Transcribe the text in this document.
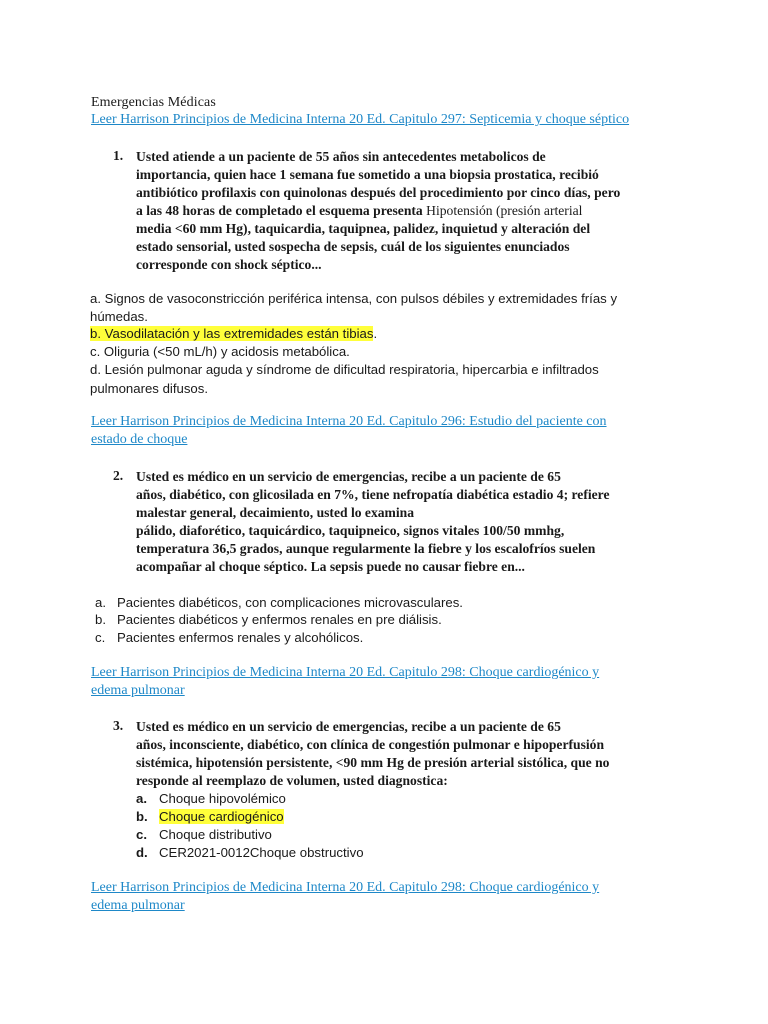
Emergencias Médicas
Leer Harrison Principios de Medicina Interna 20 Ed. Capitulo 297: Septicemia y choque séptico
1. Usted atiende a un paciente de 55 años sin antecedentes metabolicos de
importancia, quien hace 1 semana fue sometido a una biopsia prostatica, recibió
antibiótico profilaxis con quinolonas después del procedimiento por cinco días, pero
a las 48 horas de completado el esquema presenta Hipotensión (presión arterial
media <60 mm Hg), taquicardia, taquipnea, palidez, inquietud y alteración del
estado sensorial, usted sospecha de sepsis, cuál de los siguientes enunciados
corresponde con shock séptico...
a. Signos de vasoconstricción periférica intensa, con pulsos débiles y extremidades frías y
húmedas.
b. Vasodilatación y las extremidades están tibias.
c. Oliguria (<50 mL/h) y acidosis metabólica.
d. Lesión pulmonar aguda y síndrome de dificultad respiratoria, hipercarbia e infiltrados
pulmonares difusos.
Leer Harrison Principios de Medicina Interna 20 Ed. Capitulo 296: Estudio del paciente con
estado de choque
2. Usted es médico en un servicio de emergencias, recibe a un paciente de 65
años, diabético, con glicosilada en 7%, tiene nefropatía diabética estadio 4; refiere
malestar general, decaimiento, usted lo examina
pálido, diaforético, taquicárdico, taquipneico, signos vitales 100/50 mmhg,
temperatura 36,5 grados, aunque regularmente la fiebre y los escalofríos suelen
acompañar al choque séptico. La sepsis puede no causar fiebre en...
a. Pacientes diabéticos, con complicaciones microvasculares.
b. Pacientes diabéticos y enfermos renales en pre diálisis.
c. Pacientes enfermos renales y alcohólicos.
Leer Harrison Principios de Medicina Interna 20 Ed. Capitulo 298: Choque cardiogénico y
edema pulmonar
3. Usted es médico en un servicio de emergencias, recibe a un paciente de 65
años, inconsciente, diabético, con clínica de congestión pulmonar e hipoperfusión
sistémica, hipotensión persistente, <90 mm Hg de presión arterial sistólica, que no
responde al reemplazo de volumen, usted diagnostica:
a. Choque hipovolémico
b. Choque cardiogénico
c. Choque distributivo
d. CER2021-0012Choque obstructivo
Leer Harrison Principios de Medicina Interna 20 Ed. Capitulo 298: Choque cardiogénico y
edema pulmonar
